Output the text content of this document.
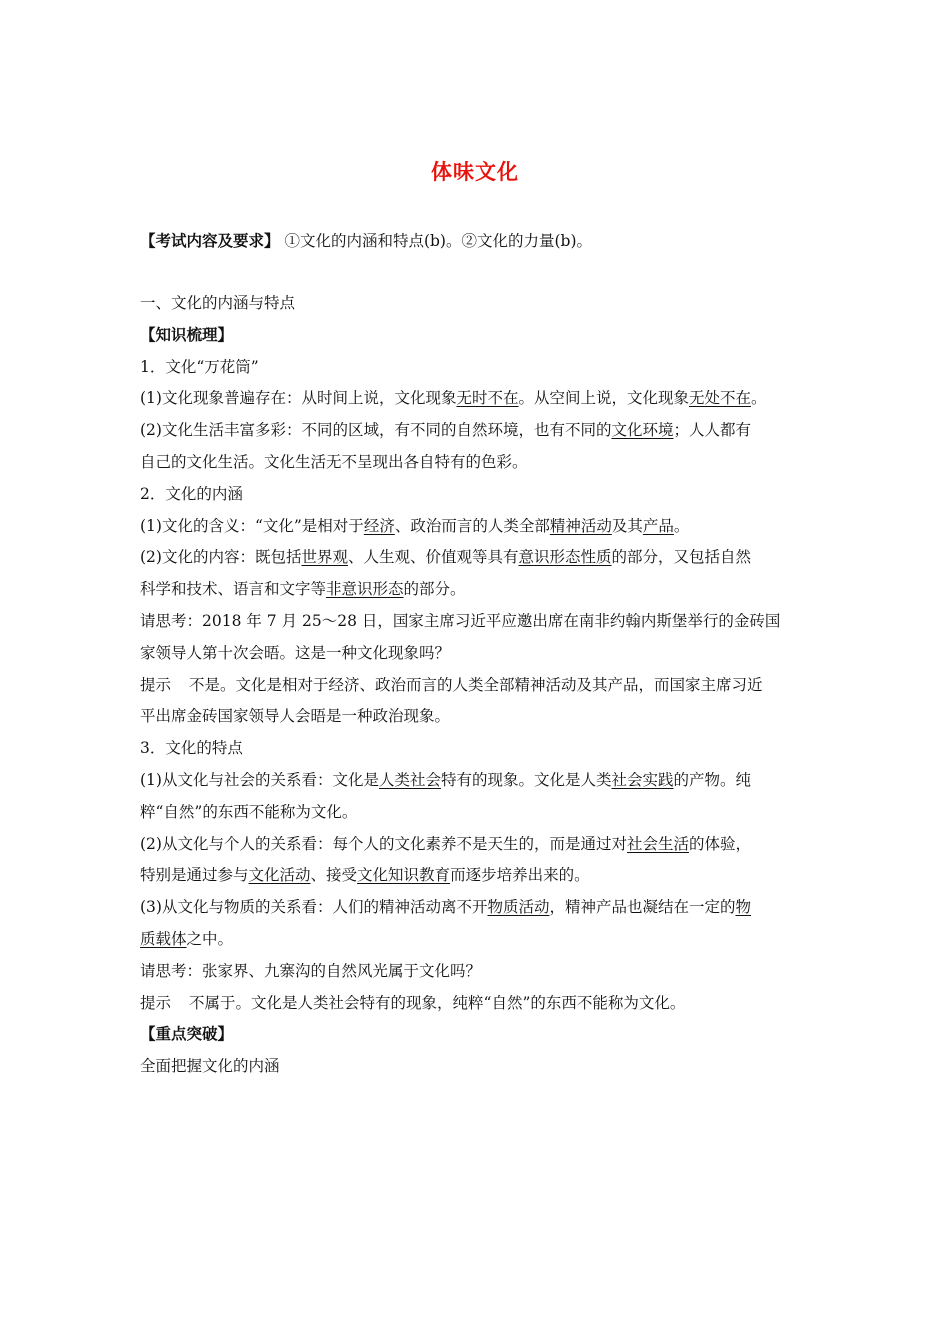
体味文化
【考试内容及要求】 ①文化的内涵和特点(b)。②文化的力量(b)。
一、文化的内涵与特点
【知识梳理】
1．文化“万花筒”
(1)文化现象普遍存在：从时间上说，文化现象无时不在。从空间上说，文化现象无处不在。
(2)文化生活丰富多彩：不同的区域，有不同的自然环境，也有不同的文化环境；人人都有
自己的文化生活。文化生活无不呈现出各自特有的色彩。
2．文化的内涵
(1)文化的含义：“文化”是相对于经济、政治而言的人类全部精神活动及其产品。
(2)文化的内容：既包括世界观、人生观、价值观等具有意识形态性质的部分，又包括自然
科学和技术、语言和文字等非意识形态的部分。
请思考：2018 年 7 月 25～28 日，国家主席习近平应邀出席在南非约翰内斯堡举行的金砖国
家领导人第十次会晤。这是一种文化现象吗？
提示 不是。文化是相对于经济、政治而言的人类全部精神活动及其产品，而国家主席习近
平出席金砖国家领导人会晤是一种政治现象。
3．文化的特点
(1)从文化与社会的关系看：文化是人类社会特有的现象。文化是人类社会实践的产物。纯
粹“自然”的东西不能称为文化。
(2)从文化与个人的关系看：每个人的文化素养不是天生的，而是通过对社会生活的体验，
特别是通过参与文化活动、接受文化知识教育而逐步培养出来的。
(3)从文化与物质的关系看：人们的精神活动离不开物质活动，精神产品也凝结在一定的物
质载体之中。
请思考：张家界、九寨沟的自然风光属于文化吗？
提示 不属于。文化是人类社会特有的现象，纯粹“自然”的东西不能称为文化。
【重点突破】
全面把握文化的内涵
